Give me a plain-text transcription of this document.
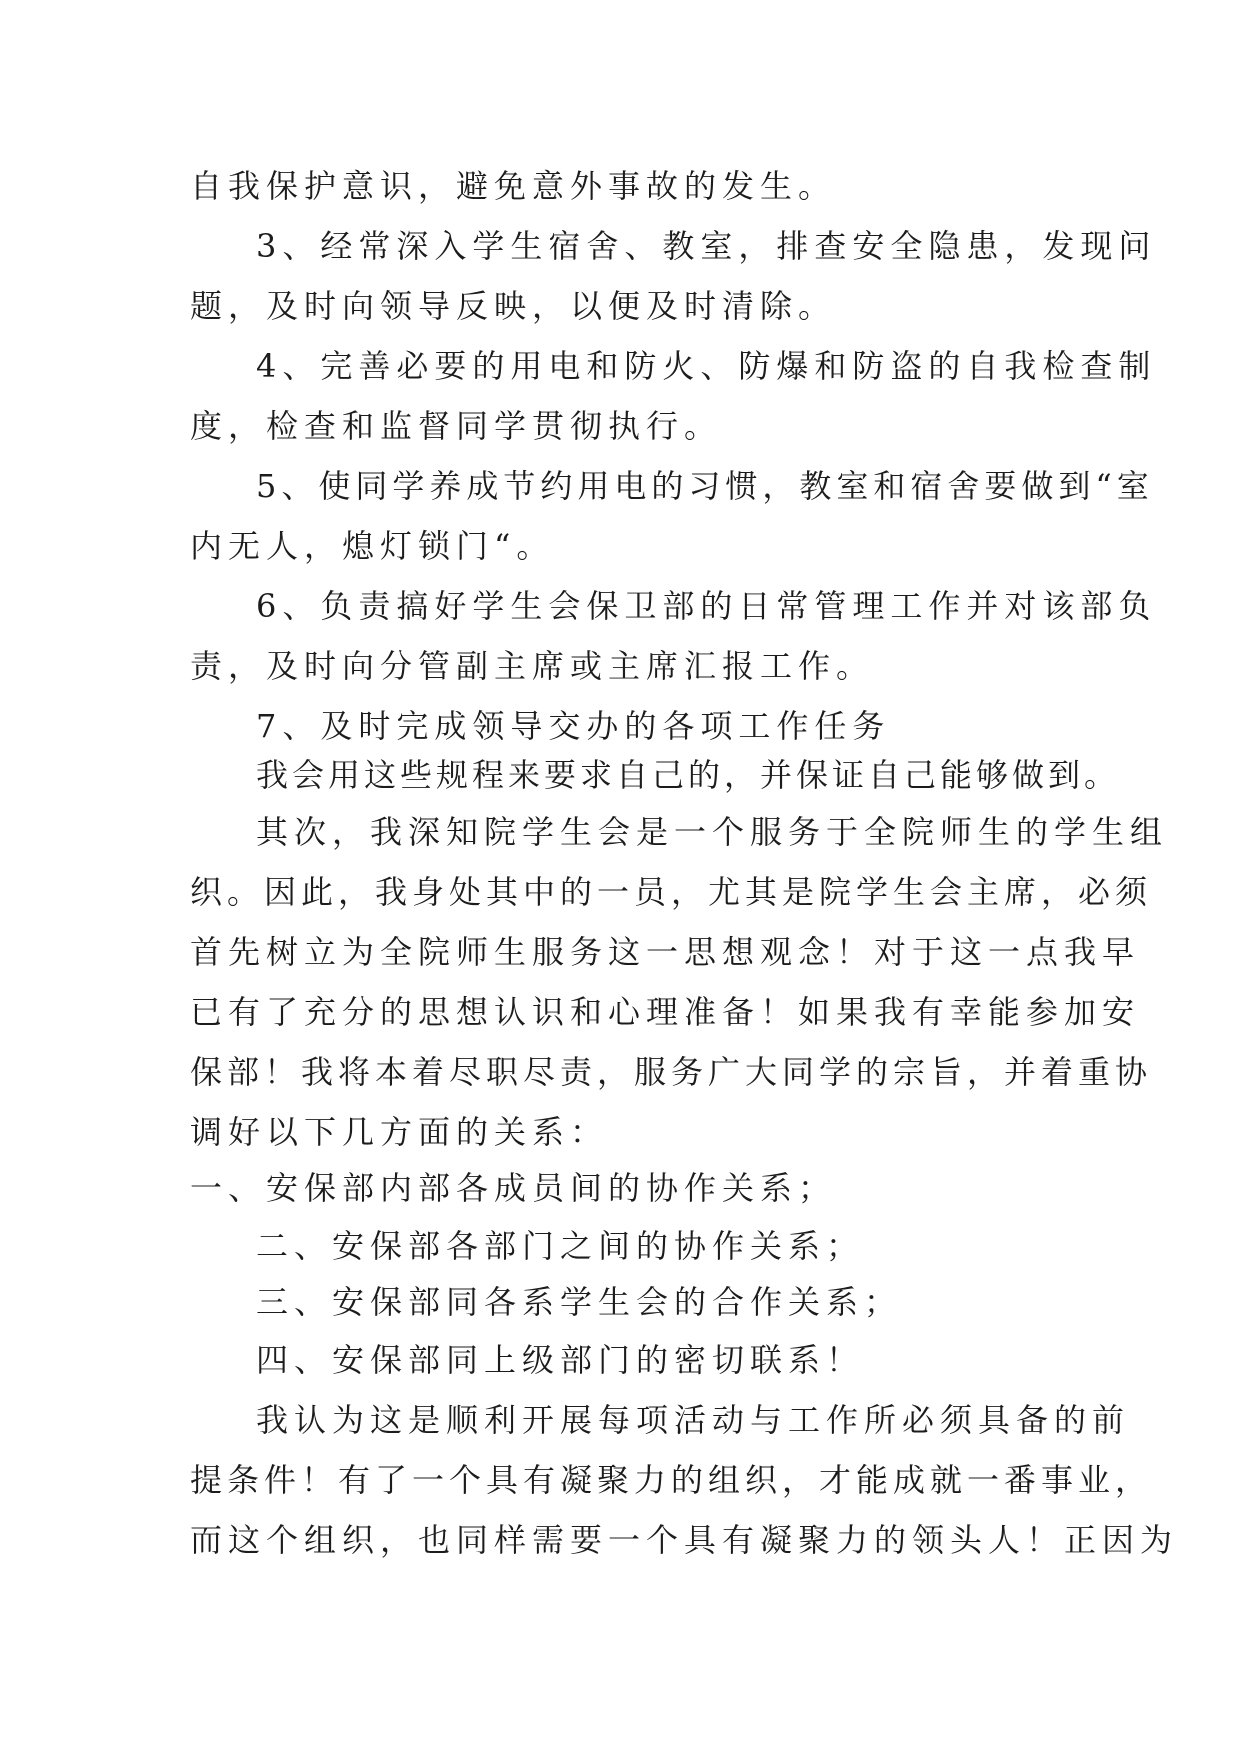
自我保护意识，避免意外事故的发生。
3、经常深入学生宿舍、教室，排查安全隐患，发现问
题，及时向领导反映，以便及时清除。
4、完善必要的用电和防火、防爆和防盗的自我检查制
度，检查和监督同学贯彻执行。
5、使同学养成节约用电的习惯，教室和宿舍要做到“室
内无人，熄灯锁门“。
6、负责搞好学生会保卫部的日常管理工作并对该部负
责，及时向分管副主席或主席汇报工作。
7、及时完成领导交办的各项工作任务
我会用这些规程来要求自己的，并保证自己能够做到。
其次，我深知院学生会是一个服务于全院师生的学生组
织。因此，我身处其中的一员，尤其是院学生会主席，必须
首先树立为全院师生服务这一思想观念！对于这一点我早
已有了充分的思想认识和心理准备！如果我有幸能参加安
保部！我将本着尽职尽责，服务广大同学的宗旨，并着重协
调好以下几方面的关系：
一、安保部内部各成员间的协作关系；
二、安保部各部门之间的协作关系；
三、安保部同各系学生会的合作关系；
四、安保部同上级部门的密切联系！
我认为这是顺利开展每项活动与工作所必须具备的前
提条件！有了一个具有凝聚力的组织，才能成就一番事业，
而这个组织，也同样需要一个具有凝聚力的领头人！正因为
